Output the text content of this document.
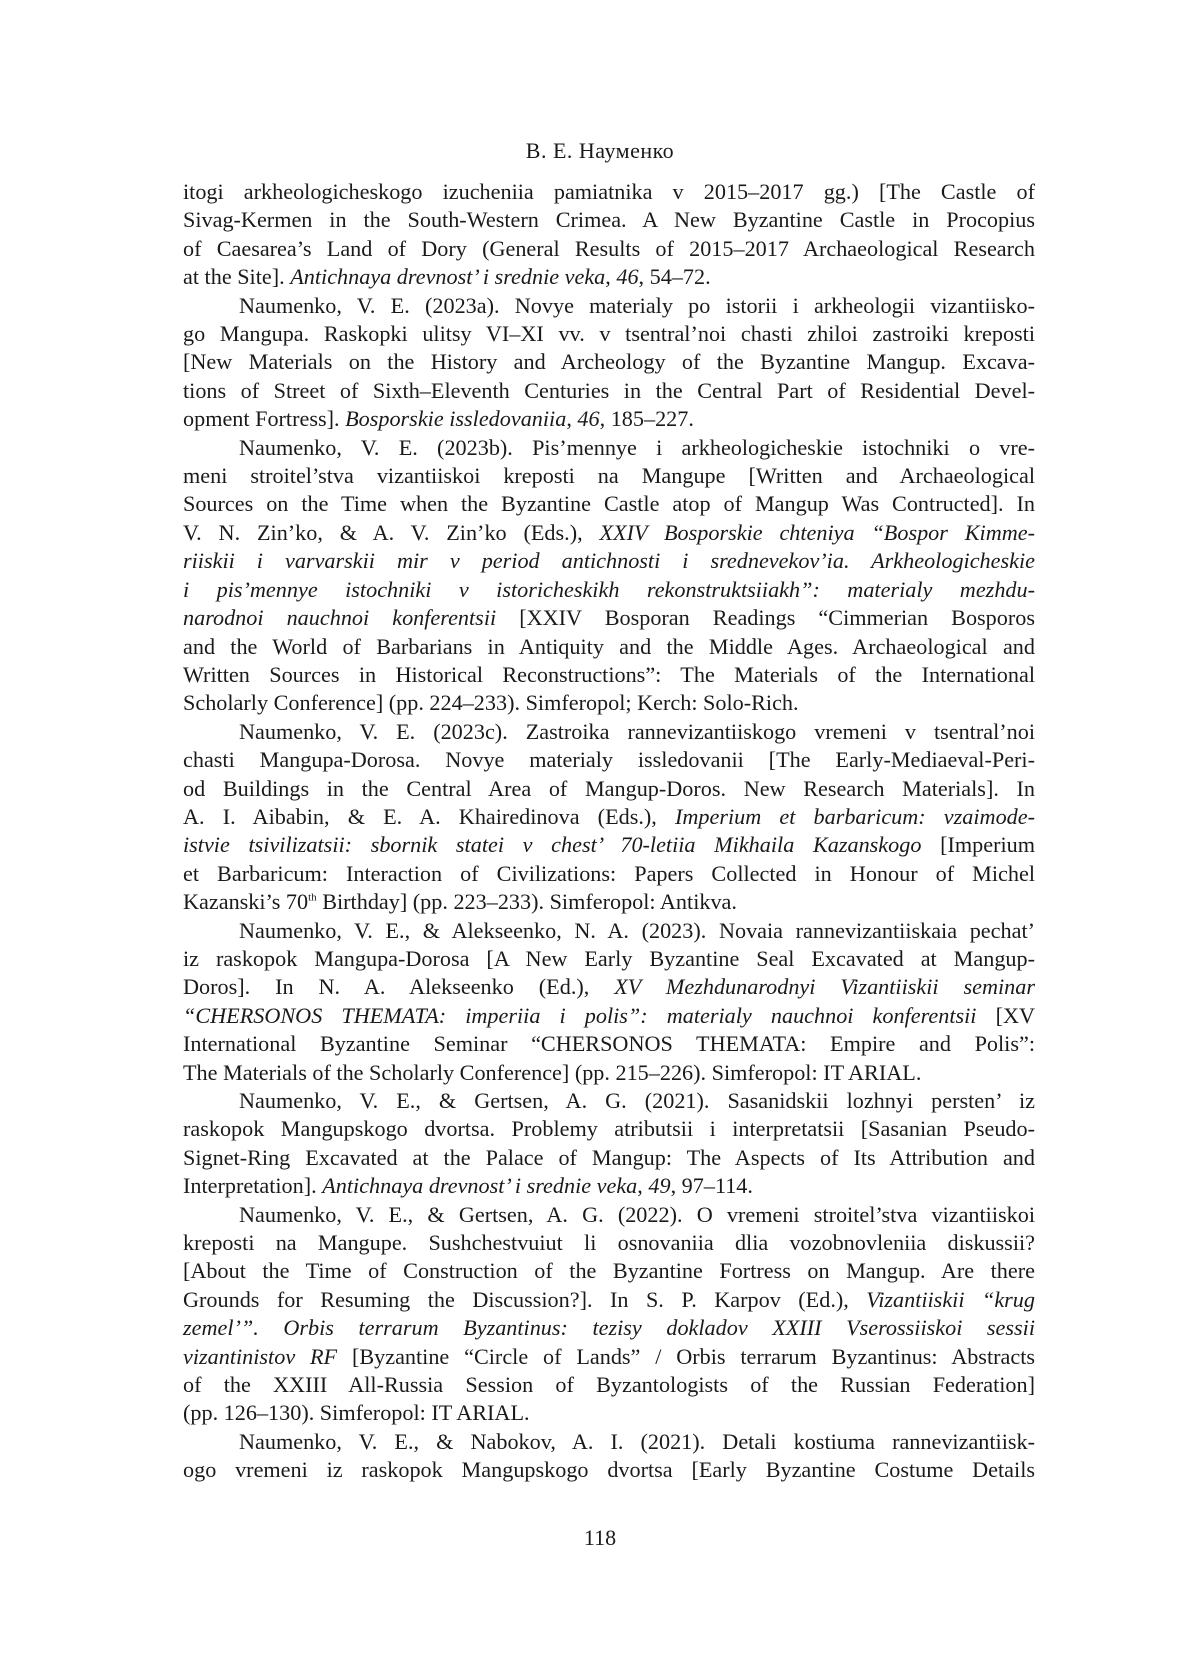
В. Е. Науменко
itogi arkheologicheskogo izucheniia pamiatnika v 2015–2017 gg.) [The Castle of
Sivag-Kermen in the South-Western Crimea. A New Byzantine Castle in Procopius
of Caesarea’s Land of Dory (General Results of 2015–2017 Archaeological Research
at the Site]. Antichnaya drevnost’ i srednie veka, 46, 54–72.
Naumenko, V. E. (2023a). Novye materialy po istorii i arkheologii vizantiisko-
go Mangupa. Raskopki ulitsy VI–XI vv. v tsentral’noi chasti zhiloi zastroiki kreposti
[New Materials on the History and Archeology of the Byzantine Mangup. Excava-
tions of Street of Sixth–Eleventh Centuries in the Central Part of Residential Devel-
opment Fortress]. Bosporskie issledovaniia, 46, 185–227.
Naumenko, V. E. (2023b). Pis’mennye i arkheologicheskie istochniki o vre-
meni stroitel’stva vizantiiskoi kreposti na Mangupe [Written and Archaeological
Sources on the Time when the Byzantine Castle atop of Mangup Was Contructed]. In
V. N. Zin’ko, & A. V. Zin’ko (Eds.), XXIV Bosporskie chteniya “Bospor Kimme-
riiskii i varvarskii mir v period antichnosti i srednevekov’ia. Arkheologicheskie
i pis’mennye istochniki v istoricheskikh rekonstruktsiiakh”: materialy mezhdu-
narodnoi nauchnoi konferentsii [XXIV Bosporan Readings “Cimmerian Bosporos
and the World of Barbarians in Antiquity and the Middle Ages. Archaeological and
Written Sources in Historical Reconstructions”: The Materials of the International
Scholarly Conference] (pp. 224–233). Simferopol; Kerch: Solo-Rich.
Naumenko, V. E. (2023c). Zastroika rannevizantiiskogo vremeni v tsentral’noi
chasti Mangupa-Dorosa. Novye materialy issledovanii [The Early-Mediaeval-Peri-
od Buildings in the Central Area of Mangup-Doros. New Research Materials]. In
A. I. Aibabin, & E. A. Khairedinova (Eds.), Imperium et barbaricum: vzaimode-
istvie tsivilizatsii: sbornik statei v chest’ 70-letiia Mikhaila Kazanskogo [Imperium
et Barbaricum: Interaction of Civilizations: Papers Collected in Honour of Michel
Kazanski’s 70th Birthday] (pp. 223–233). Simferopol: Antikva.
Naumenko, V. E., & Alekseenko, N. A. (2023). Novaia rannevizantiiskaia pechat’
iz raskopok Mangupa-Dorosa [A New Early Byzantine Seal Excavated at Mangup-
Doros]. In N. A. Alekseenko (Ed.), XV Mezhdunarodnyi Vizantiiskii seminar
“CHERSONOS THEMATA: imperiia i polis”: materialy nauchnoi konferentsii [XV
International Byzantine Seminar “CHERSONOS THEMATA: Empire and Polis”:
The Materials of the Scholarly Conference] (pp. 215–226). Simferopol: IT ARIAL.
Naumenko, V. E., & Gertsen, A. G. (2021). Sasanidskii lozhnyi persten’ iz
raskopok Mangupskogo dvortsa. Problemy atributsii i interpretatsii [Sasanian Pseudo-
Signet-Ring Excavated at the Palace of Mangup: The Aspects of Its Attribution and
Interpretation]. Antichnaya drevnost’ i srednie veka, 49, 97–114.
Naumenko, V. E., & Gertsen, A. G. (2022). O vremeni stroitel’stva vizantiiskoi
kreposti na Mangupe. Sushchestvuiut li osnovaniia dlia vozobnovleniia diskussii?
[About the Time of Construction of the Byzantine Fortress on Mangup. Are there
Grounds for Resuming the Discussion?]. In S. P. Karpov (Ed.), Vizantiiskii “krug
zemel’”. Orbis terrarum Byzantinus: tezisy dokladov XXIII Vserossiiskoi sessii
vizantinistov RF [Byzantine “Circle of Lands” / Orbis terrarum Byzantinus: Abstracts
of the XXIII All-Russia Session of Byzantologists of the Russian Federation]
(pp. 126–130). Simferopol: IT ARIAL.
Naumenko, V. E., & Nabokov, A. I. (2021). Detali kostiuma rannevizantiisk-
ogo vremeni iz raskopok Mangupskogo dvortsa [Early Byzantine Costume Details
118
